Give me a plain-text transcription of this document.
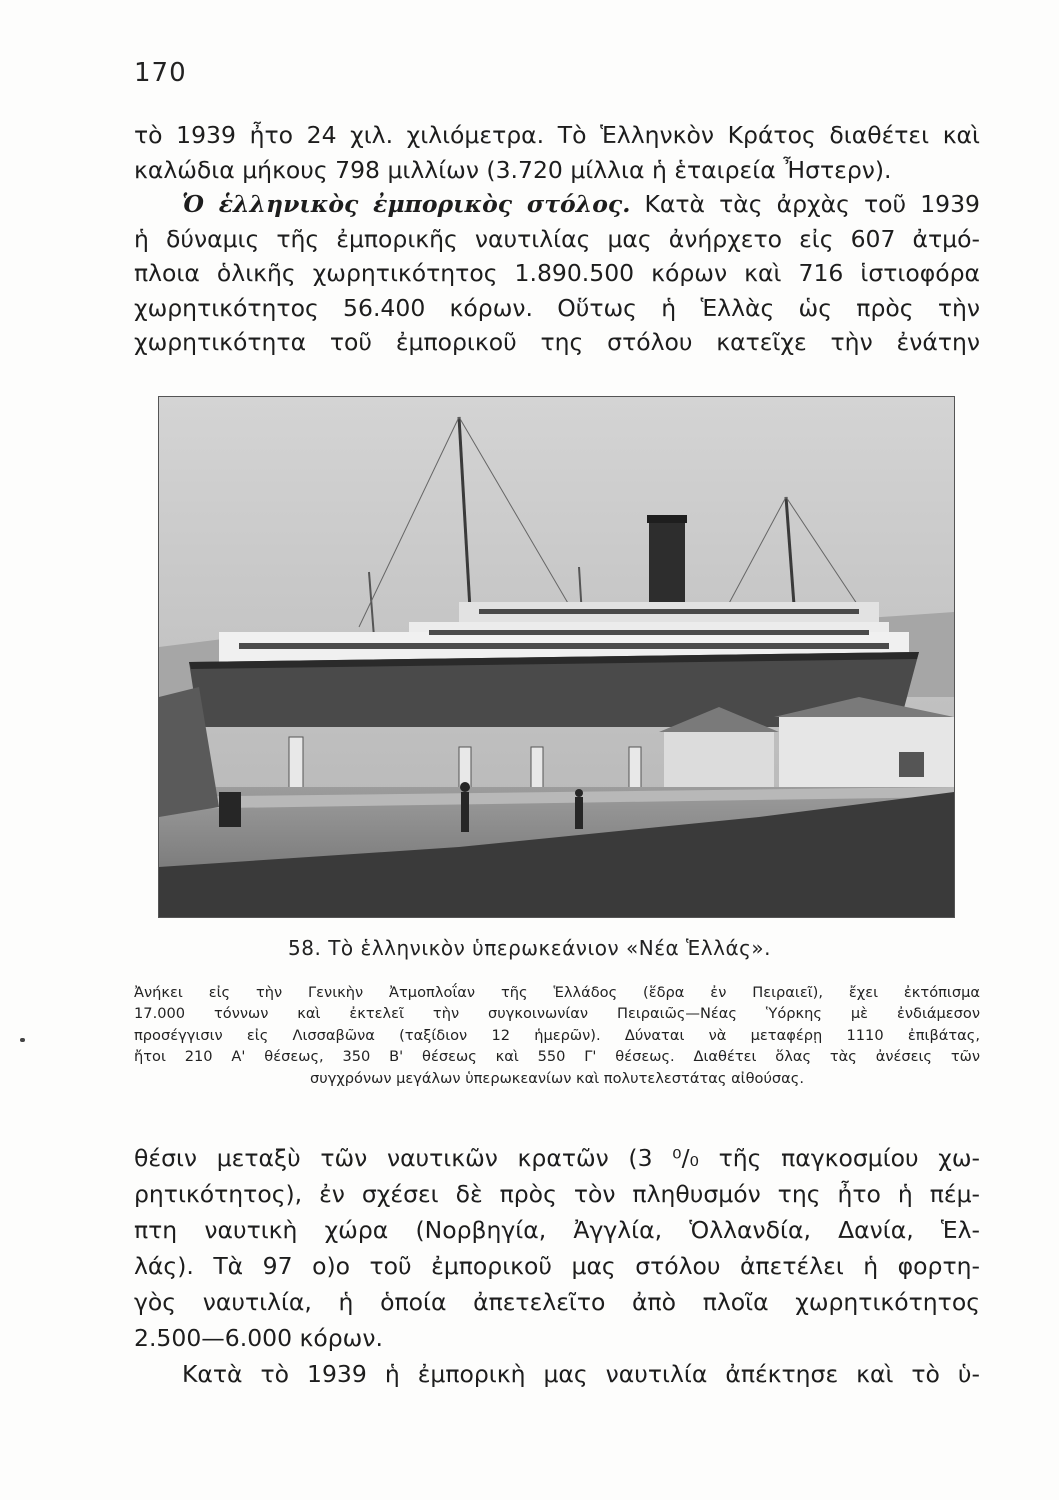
170
τὸ 1939 ἦτο 24 χιλ. χιλιόμετρα. Τὸ Ἑλληνκὸν Κράτος διαθέτει καὶ
καλώδια μήκους 798 μιλλίων (3.720 μίλλια ἡ ἑταιρεία Ἦστερν).
Ὁ ἑλληνικὸς ἐμπορικὸς στόλος. Κατὰ τὰς ἀρχὰς τοῦ 1939
ἡ δύναμις τῆς ἐμπορικῆς ναυτιλίας μας ἀνήρχετο εἰς 607 ἀτμό-
πλοια ὁλικῆς χωρητικότητος 1.890.500 κόρων καὶ 716 ἱστιοφόρα
χωρητικότητος 56.400 κόρων. Οὕτως ἡ Ἑλλὰς ὡς πρὸς τὴν
χωρητικότητα τοῦ ἐμπορικοῦ της στόλου κατεῖχε τὴν ἐνάτην
58. Τὸ ἑλληνικὸν ὑπερωκεάνιον «Νέα Ἑλλάς».
Ἀνήκει εἰς τὴν Γενικὴν Ἀτμοπλοΐαν τῆς Ἑλλάδος (ἕδρα ἐν Πειραιεῖ), ἔχει ἐκτόπισμα
17.000 τόννων καὶ ἐκτελεῖ τὴν συγκοινωνίαν Πειραιῶς—Νέας Ὑόρκης μὲ ἐνδιάμεσον
προσέγγισιν εἰς Λισσαβῶνα (ταξίδιον 12 ἡμερῶν). Δύναται νὰ μεταφέρῃ 1110 ἐπιβάτας,
ἤτοι 210 Α' θέσεως, 350 Β' θέσεως καὶ 550 Γ' θέσεως. Διαθέτει ὅλας τὰς ἀνέσεις τῶν
συγχρόνων μεγάλων ὑπερωκεανίων καὶ πολυτελεστάτας αἰθούσας.
θέσιν μεταξὺ τῶν ναυτικῶν κρατῶν (3 ⁰/₀ τῆς παγκοσμίου χω-
ρητικότητος), ἐν σχέσει δὲ πρὸς τὸν πληθυσμόν της ἦτο ἡ πέμ-
πτη ναυτικὴ χώρα (Νορβηγία, Ἀγγλία, Ὁλλανδία, Δανία, Ἑλ-
λάς). Τὰ 97 ο)ο τοῦ ἐμπορικοῦ μας στόλου ἀπετέλει ἡ φορτη-
γὸς ναυτιλία, ἡ ὁποία ἀπετελεῖτο ἀπὸ πλοῖα χωρητικότητος
2.500—6.000 κόρων.
Κατὰ τὸ 1939 ἡ ἐμπορικὴ μας ναυτιλία ἀπέκτησε καὶ τὸ ὑ-
